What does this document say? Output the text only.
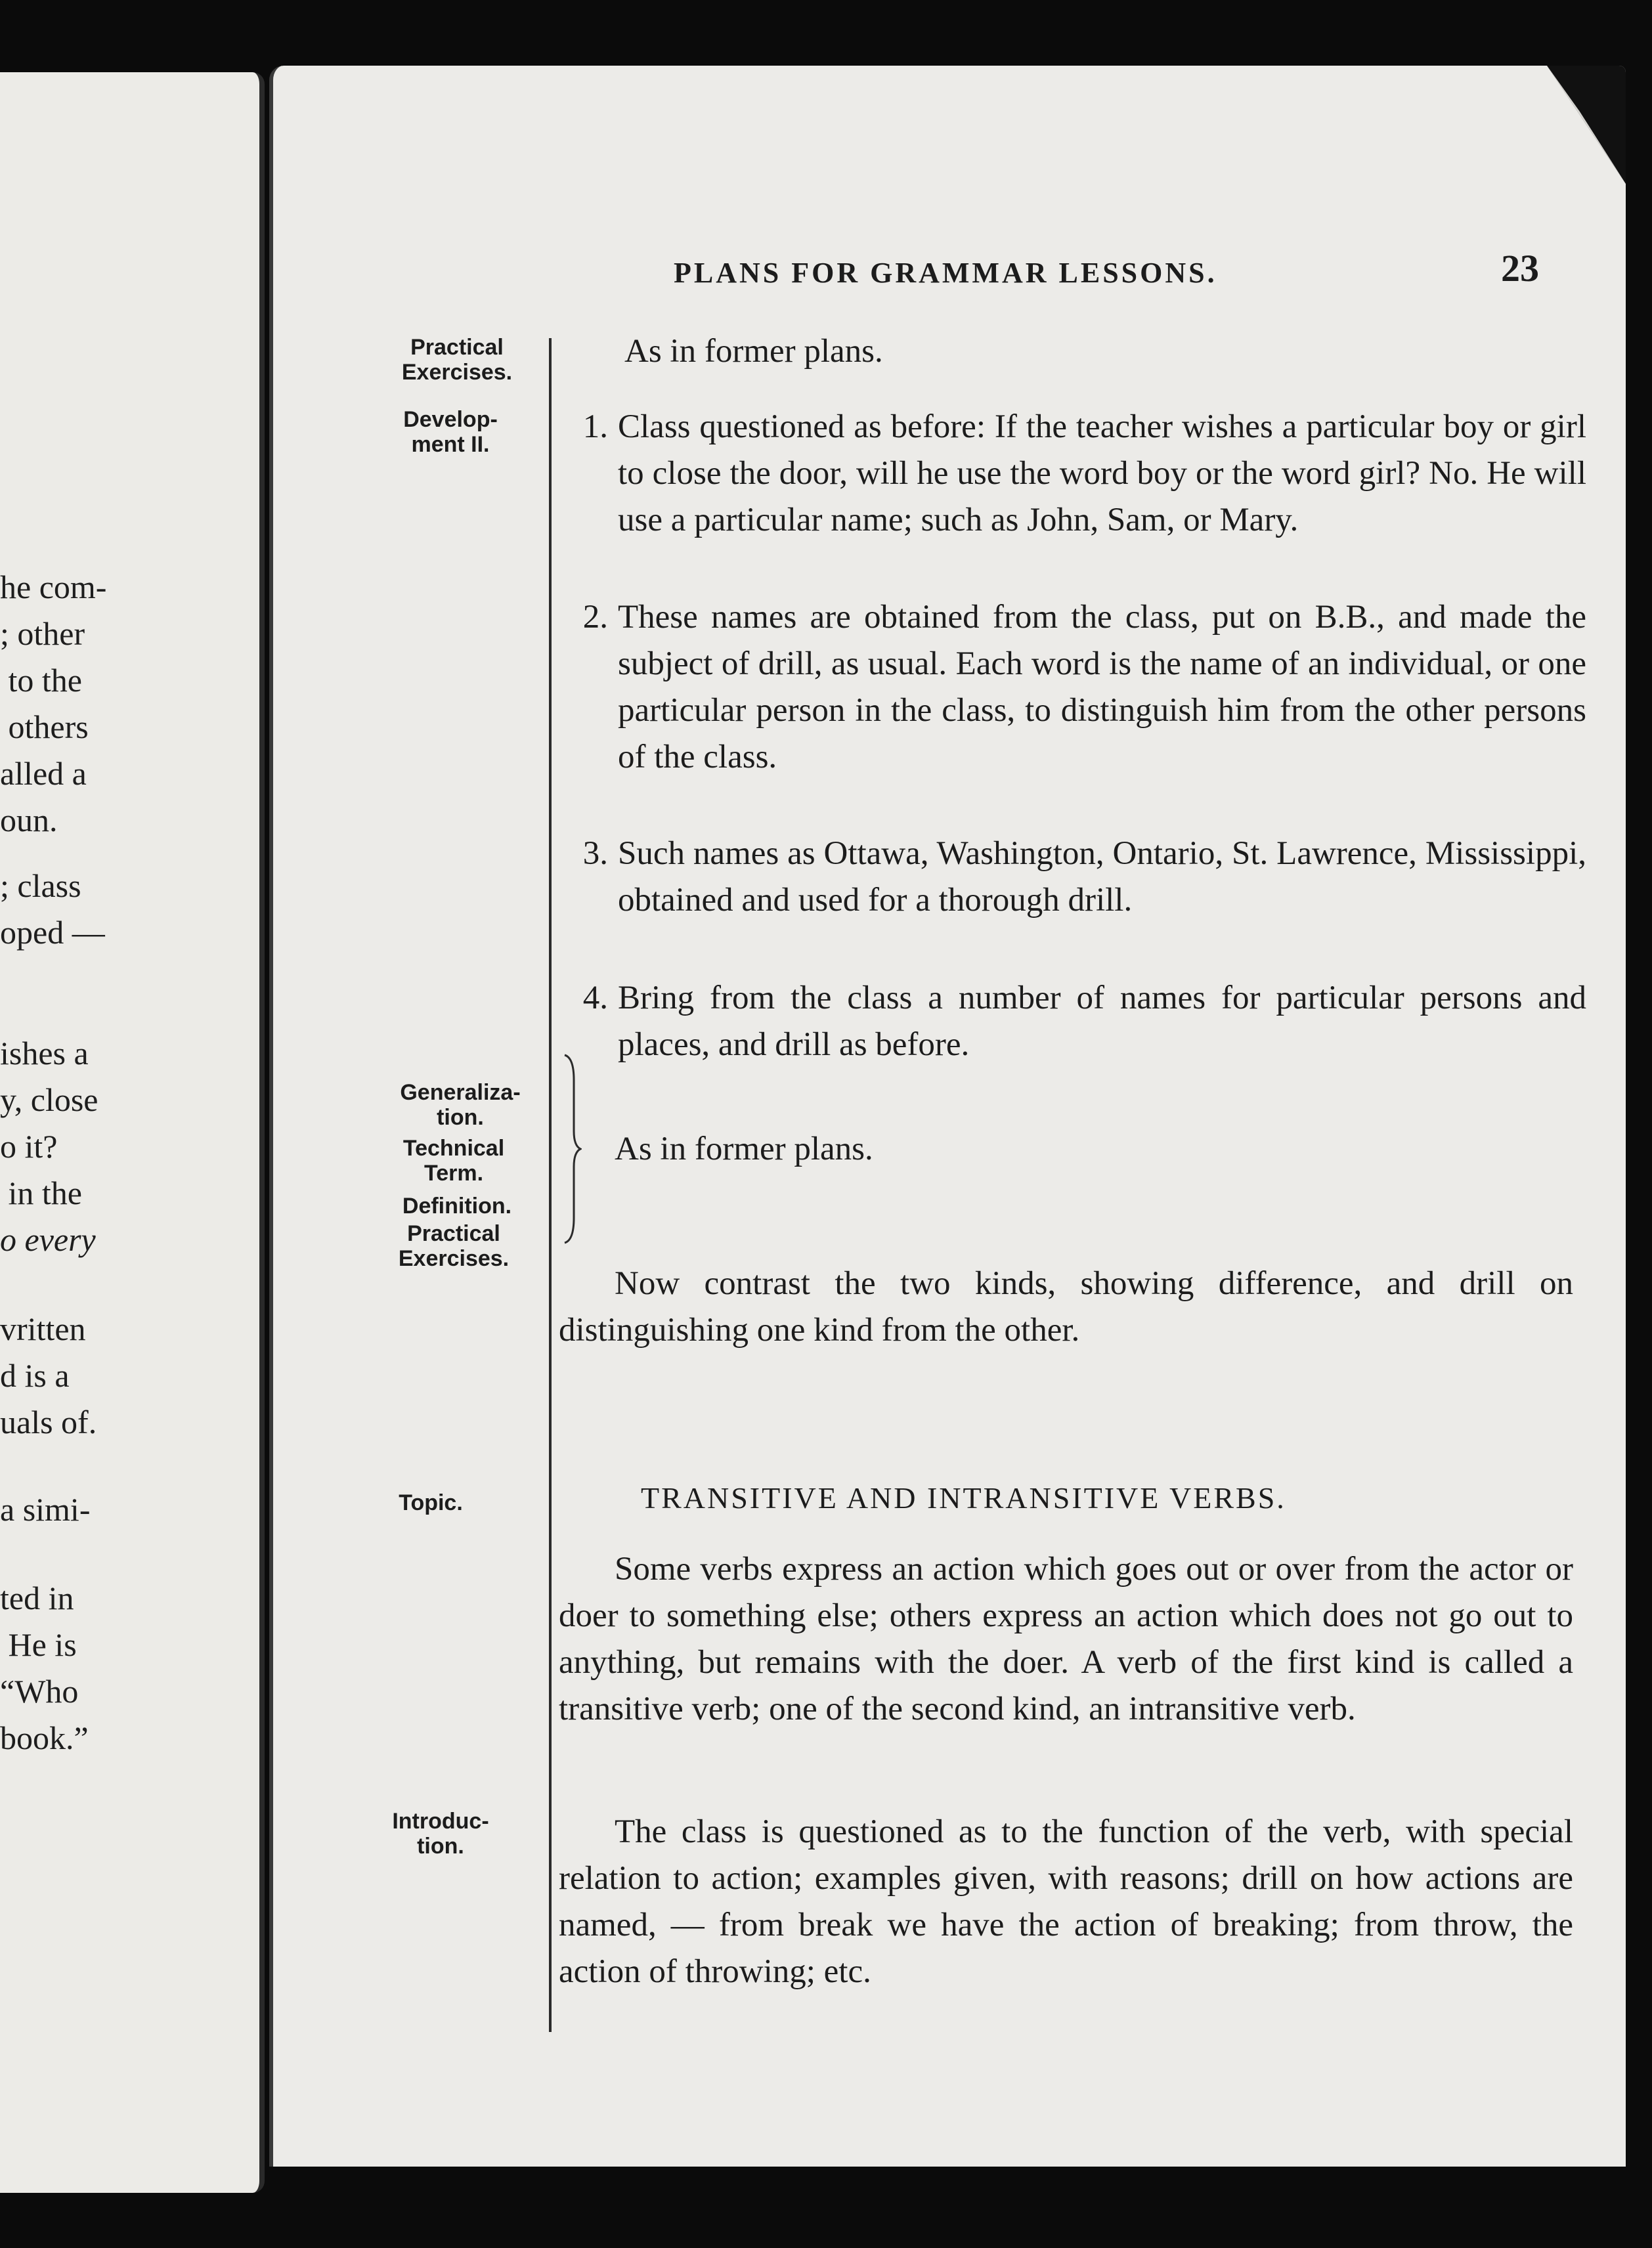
he com-
; other
to the
others
alled a
oun.
; class
oped —
ishes a
y, close
o it?
in the
o every
vritten
d is a
uals of.
a simi-
ted in
He is
“Who
book.”
PLANS FOR GRAMMAR LESSONS.	23
Practical
Exercises.
Develop-
ment II.
Generaliza-
tion.
Technical
Term.
Definition.
Practical
Exercises.
Topic.
Introduc-
tion.
As in former plans.
1. Class questioned as before: If the teacher wishes a particular boy or girl to close the door, will he use the word boy or the word girl? No. He will use a particular name; such as John, Sam, or Mary.
2. These names are obtained from the class, put on B.B., and made the subject of drill, as usual. Each word is the name of an individual, or one particular person in the class, to distinguish him from the other persons of the class.
3. Such names as Ottawa, Washington, Ontario, St. Lawrence, Mississippi, obtained and used for a thorough drill.
4. Bring from the class a number of names for particular persons and places, and drill as before.
As in former plans.
Now contrast the two kinds, showing difference, and drill on distinguishing one kind from the other.
TRANSITIVE AND INTRANSITIVE VERBS.
Some verbs express an action which goes out or over from the actor or doer to something else; others express an action which does not go out to anything, but remains with the doer. A verb of the first kind is called a transitive verb; one of the second kind, an intransitive verb.
The class is questioned as to the function of the verb, with special relation to action; examples given, with reasons; drill on how actions are named, — from break we have the action of breaking; from throw, the action of throwing; etc.
